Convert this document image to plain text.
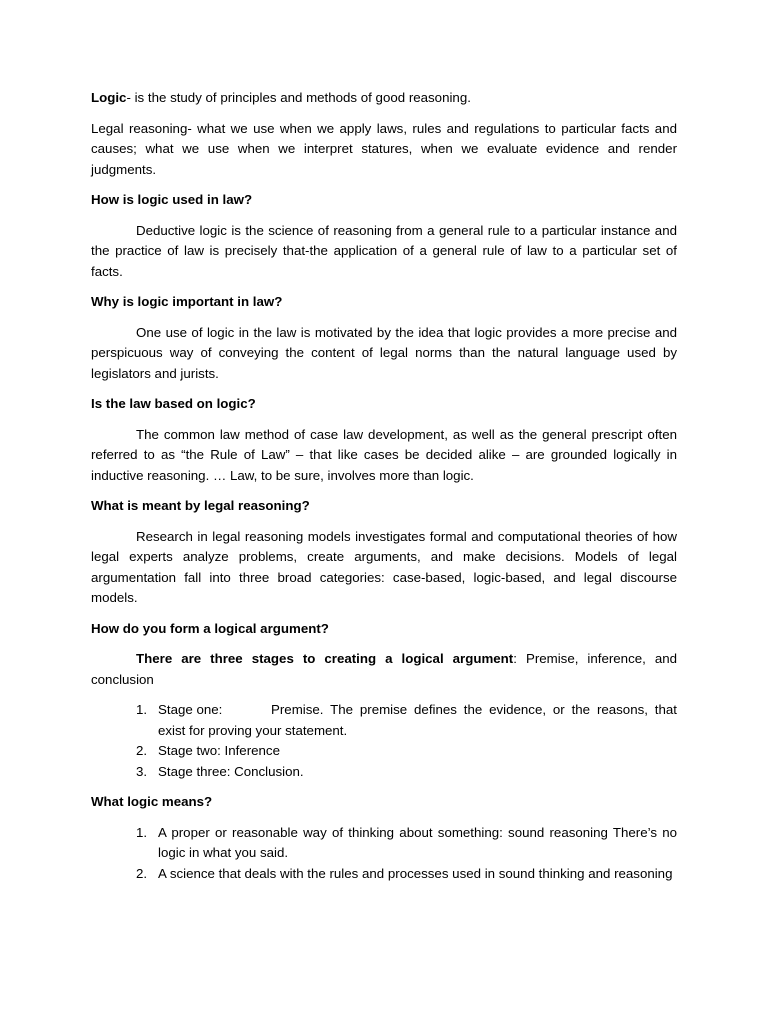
Logic- is the study of principles and methods of good reasoning.

Legal reasoning- what we use when we apply laws, rules and regulations to particular facts and causes; what we use when we interpret statures, when we evaluate evidence and render judgments.

How is logic used in law?

Deductive logic is the science of reasoning from a general rule to a particular instance and the practice of law is precisely that-the application of a general rule of law to a particular set of facts.

Why is logic important in law?

One use of logic in the law is motivated by the idea that logic provides a more precise and perspicuous way of conveying the content of legal norms than the natural language used by legislators and jurists.

Is the law based on logic?

The common law method of case law development, as well as the general prescript often referred to as “the Rule of Law” – that like cases be decided alike – are grounded logically in inductive reasoning. … Law, to be sure, involves more than logic.

What is meant by legal reasoning?

Research in legal reasoning models investigates formal and computational theories of how legal experts analyze problems, create arguments, and make decisions. Models of legal argumentation fall into three broad categories: case-based, logic-based, and legal discourse models.

How do you form a logical argument?

There are three stages to creating a logical argument: Premise, inference, and conclusion

1. Stage one:	Premise. The premise defines the evidence, or the reasons, that exist for proving your statement.
2. Stage two: Inference
3. Stage three: Conclusion.

What logic means?

1. A proper or reasonable way of thinking about something: sound reasoning There’s no logic in what you said.
2. A science that deals with the rules and processes used in sound thinking and reasoning
